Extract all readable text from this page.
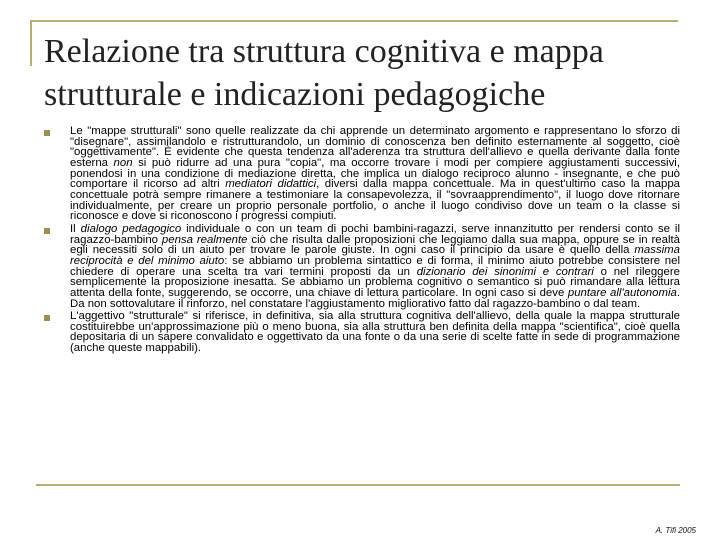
Relazione tra struttura cognitiva e mappa strutturale e indicazioni pedagogiche
Le "mappe strutturali" sono quelle realizzate da chi apprende un determinato argomento e rappresentano lo sforzo di "disegnare", assimilandolo e ristrutturandolo, un dominio di conoscenza ben definito esternamente al soggetto, cioè "oggettivamente". È evidente che questa tendenza all'aderenza tra struttura dell'allievo e quella derivante dalla fonte esterna non si può ridurre ad una pura "copia", ma occorre trovare i modi per compiere aggiustamenti successivi, ponendosi in una condizione di mediazione diretta, che implica un dialogo reciproco alunno - insegnante, e che può comportare il ricorso ad altri mediatori didattici, diversi dalla mappa concettuale. Ma in quest'ultimo caso la mappa concettuale potrà sempre rimanere a testimoniare la consapevolezza, il "sovraapprendimento", il luogo dove ritornare individualmente, per creare un proprio personale portfolio, o anche il luogo condiviso dove un team o la classe si riconosce e dove si riconoscono i progressi compiuti.
Il dialogo pedagogico individuale o con un team di pochi bambini-ragazzi, serve innanzitutto per rendersi conto se il ragazzo-bambino pensa realmente ciò che risulta dalle proposizioni che leggiamo dalla sua mappa, oppure se in realtà egli necessiti solo di un aiuto per trovare le parole giuste. In ogni caso il principio da usare è quello della massima reciprocità e del minimo aiuto: se abbiamo un problema sintattico e di forma, il minimo aiuto potrebbe consistere nel chiedere di operare una scelta tra vari termini proposti da un dizionario dei sinonimi e contrari o nel rileggere semplicemente la proposizione inesatta. Se abbiamo un problema cognitivo o semantico si può rimandare alla lettura attenta della fonte, suggerendo, se occorre, una chiave di lettura particolare. In ogni caso si deve puntare all'autonomia. Da non sottovalutare il rinforzo, nel constatare l'aggiustamento migliorativo fatto dal ragazzo-bambino o dal team.
L'aggettivo "strutturale" si riferisce, in definitiva, sia alla struttura cognitiva dell'allievo, della quale la mappa strutturale costituirebbe un'approssimazione più o meno buona, sia alla struttura ben definita della mappa "scientifica", cioè quella depositaria di un sapere convalidato e oggettivato da una fonte o da una serie di scelte fatte in sede di programmazione (anche queste mappabili).
A. Tifi 2005
